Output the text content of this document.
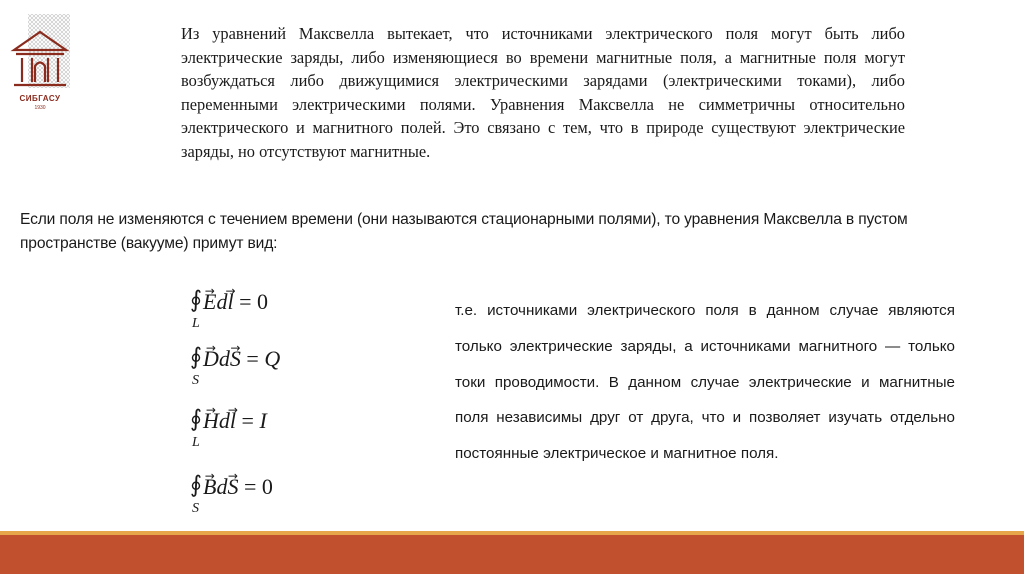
СИБГАСУ
1930

Из уравнений Максвелла вытекает, что источниками электрического поля могут быть либо электрические заряды, либо изменяющиеся во времени магнитные поля, а магнитные поля могут возбуждаться либо движущимися электрическими зарядами (электрическими токами), либо переменными электрическими полями. Уравнения Максвелла не симметричны относительно электрического и магнитного полей. Это связано с тем, что в природе существуют электрические заряды, но отсутствуют магнитные.

Если поля не изменяются с течением времени (они называются стационарными полями), то уравнения Максвелла в пустом пространстве (вакууме) примут вид:

т.е. источниками электрического поля в данном случае являются только электрические заряды, а источниками магнитного — только токи проводимости. В данном случае электрические и магнитные поля независимы друг от друга, что и позволяет изучать отдельно постоянные электрическое и магнитное поля.

∮ → Ed→ l = 0
L
∮ → Dd→ S = Q
S
∮ → Hd→ l = I
L
∮ → Bd→ S = 0
S
